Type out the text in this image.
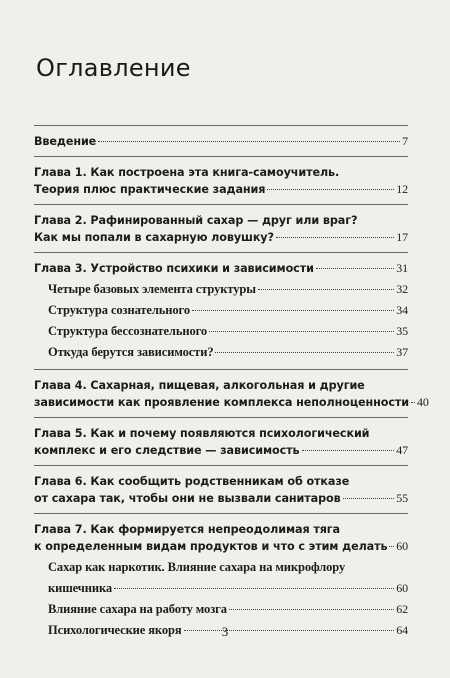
Оглавление
Введение	7
Глава 1. Как построена эта книга-самоучитель.
Теория плюс практические задания	12
Глава 2. Рафинированный сахар — друг или враг?
Как мы попали в сахарную ловушку?	17
Глава 3. Устройство психики и зависимости	31
Четыре базовых элемента структуры	32
Структура сознательного	34
Структура бессознательного	35
Откуда берутся зависимости?	37
Глава 4. Сахарная, пищевая, алкогольная и другие
зависимости как проявление комплекса неполноценности 40
Глава 5. Как и почему появляются психологический
комплекс и его следствие — зависимость	47
Глава 6. Как сообщить родственникам об отказе
от сахара так, чтобы они не вызвали санитаров	55
Глава 7. Как формируется непреодолимая тяга
к определенным видам продуктов и что с этим делать 60
Сахар как наркотик. Влияние сахара на микрофлору
кишечника	60
Влияние сахара на работу мозга	62
Психологические якоря	64
3
